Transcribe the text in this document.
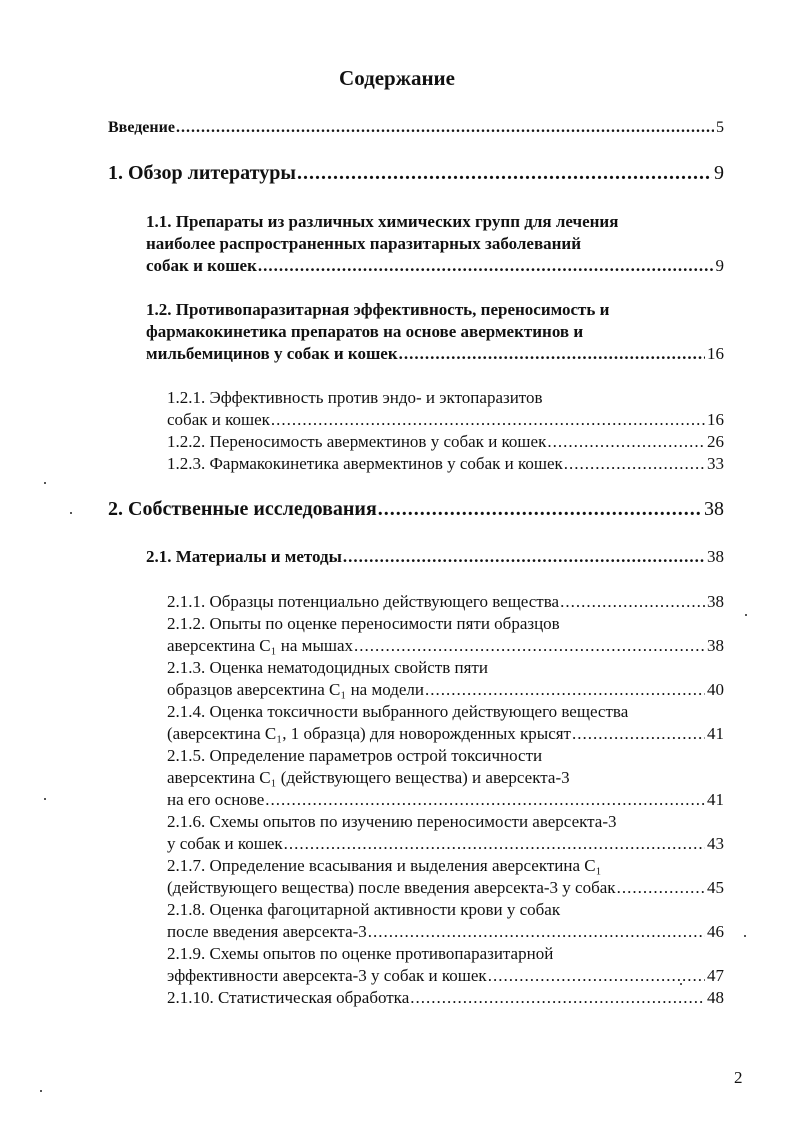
Содержание
Введение .....	5
1. Обзор литературы .....	9
1.1. Препараты из различных химических групп для лечения
наиболее распространенных паразитарных заболеваний
собак и кошек .....	9
1.2. Противопаразитарная эффективность, переносимость и
фармакокинетика препаратов на основе авермектинов и
мильбемицинов у собак и кошек .....	16
1.2.1. Эффективность против эндо- и эктопаразитов
собак и кошек .....	16
1.2.2. Переносимость авермектинов у собак и кошек .....	26
1.2.3. Фармакокинетика авермектинов у собак и кошек .....	33
2. Собственные исследования .....	38
2.1. Материалы и методы .....	38
2.1.1. Образцы потенциально действующего вещества .....	38
2.1.2. Опыты по оценке переносимости пяти образцов
аверсектина С₁ на мышах .....	38
2.1.3. Оценка нематодоцидных свойств пяти
образцов аверсектина С₁ на модели .....	40
2.1.4. Оценка токсичности выбранного действующего вещества
(аверсектина С₁, 1 образца) для новорожденных крысят .....	41
2.1.5. Определение параметров острой токсичности
аверсектина С₁ (действующего вещества) и аверсекта-3
на его основе .....	41
2.1.6. Схемы опытов по изучению переносимости аверсекта-3
у собак и кошек .....	43
2.1.7. Определение всасывания и выделения аверсектина С₁
(действующего вещества) после введения аверсекта-3 у собак .....	45
2.1.8. Оценка фагоцитарной активности крови у собак
после введения аверсекта-3 .....	46
2.1.9. Схемы опытов по оценке противопаразитарной
эффективности аверсекта-3 у собак и кошек .....	47
2.1.10. Статистическая обработка .....	48
2
